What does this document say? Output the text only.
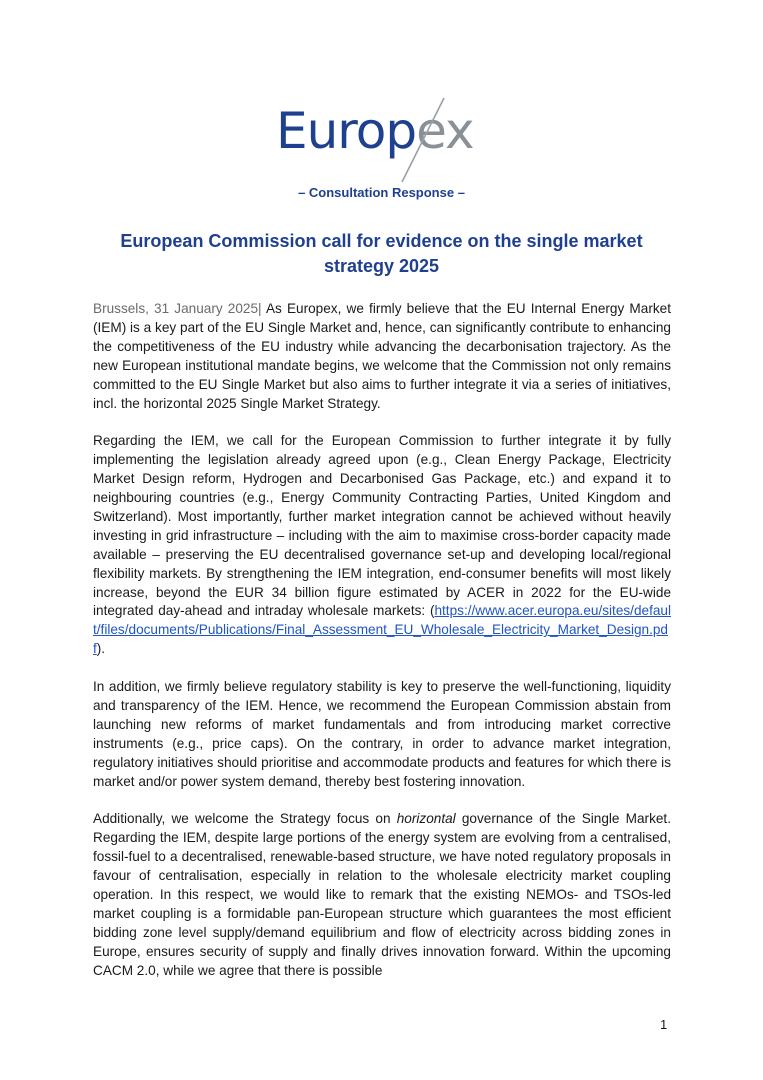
Europex
– Consultation Response –
European Commission call for evidence on the single market strategy 2025

Brussels, 31 January 2025| As Europex, we firmly believe that the EU Internal Energy Market (IEM) is a key part of the EU Single Market and, hence, can significantly contribute to enhancing the competitiveness of the EU industry while advancing the decarbonisation trajectory. As the new European institutional mandate begins, we welcome that the Commission not only remains committed to the EU Single Market but also aims to further integrate it via a series of initiatives, incl. the horizontal 2025 Single Market Strategy.

Regarding the IEM, we call for the European Commission to further integrate it by fully implementing the legislation already agreed upon (e.g., Clean Energy Package, Electricity Market Design reform, Hydrogen and Decarbonised Gas Package, etc.) and expand it to neighbouring countries (e.g., Energy Community Contracting Parties, United Kingdom and Switzerland). Most importantly, further market integration cannot be achieved without heavily investing in grid infrastructure – including with the aim to maximise cross-border capacity made available – preserving the EU decentralised governance set-up and developing local/regional flexibility markets. By strengthening the IEM integration, end-consumer benefits will most likely increase, beyond the EUR 34 billion figure estimated by ACER in 2022 for the EU-wide integrated day-ahead and intraday wholesale markets: (https://www.acer.europa.eu/sites/default/files/documents/Publications/Final_Assessment_EU_Wholesale_Electricity_Market_Design.pdf).

In addition, we firmly believe regulatory stability is key to preserve the well-functioning, liquidity and transparency of the IEM. Hence, we recommend the European Commission abstain from launching new reforms of market fundamentals and from introducing market corrective instruments (e.g., price caps). On the contrary, in order to advance market integration, regulatory initiatives should prioritise and accommodate products and features for which there is market and/or power system demand, thereby best fostering innovation.

Additionally, we welcome the Strategy focus on horizontal governance of the Single Market. Regarding the IEM, despite large portions of the energy system are evolving from a centralised, fossil-fuel to a decentralised, renewable-based structure, we have noted regulatory proposals in favour of centralisation, especially in relation to the wholesale electricity market coupling operation. In this respect, we would like to remark that the existing NEMOs- and TSOs-led market coupling is a formidable pan-European structure which guarantees the most efficient bidding zone level supply/demand equilibrium and flow of electricity across bidding zones in Europe, ensures security of supply and finally drives innovation forward. Within the upcoming CACM 2.0, while we agree that there is possible

1
